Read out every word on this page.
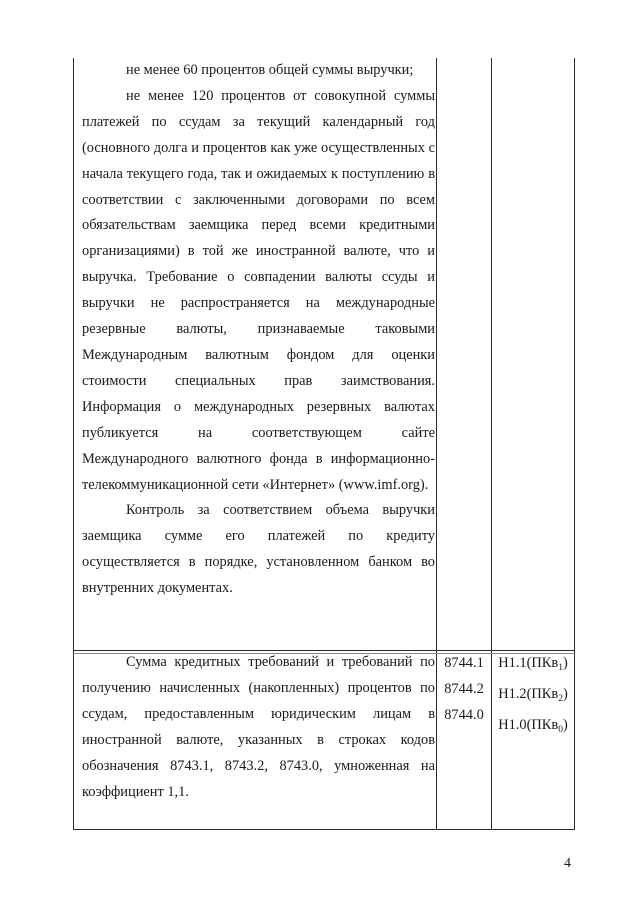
не менее 60 процентов общей суммы выручки;
не менее 120 процентов от совокупной суммы платежей по ссудам за текущий календарный год (основного долга и процентов как уже осуществленных с начала текущего года, так и ожидаемых к поступлению в соответствии с заключенными договорами по всем обязательствам заемщика перед всеми кредитными организациями) в той же иностранной валюте, что и выручка. Требование о совпадении валюты ссуды и выручки не распространяется на международные резервные валюты, признаваемые таковыми Международным валютным фондом для оценки стоимости специальных прав заимствования. Информация о международных резервных валютах публикуется на соответствующем сайте Международного валютного фонда в информационно-телекоммуникационной сети «Интернет» (www.imf.org).
Контроль за соответствием объема выручки заемщика сумме его платежей по кредиту осуществляется в порядке, установленном банком во внутренних документах.
Сумма кредитных требований и требований по получению начисленных (накопленных) процентов по ссудам, предоставленным юридическим лицам в иностранной валюте, указанных в строках кодов обозначения 8743.1, 8743.2, 8743.0, умноженная на коэффициент 1,1.
8744.1
8744.2
8744.0
Н1.1(ПКв$_1$)
Н1.2(ПКв$_2$)
Н1.0(ПКв$_0$)
4
